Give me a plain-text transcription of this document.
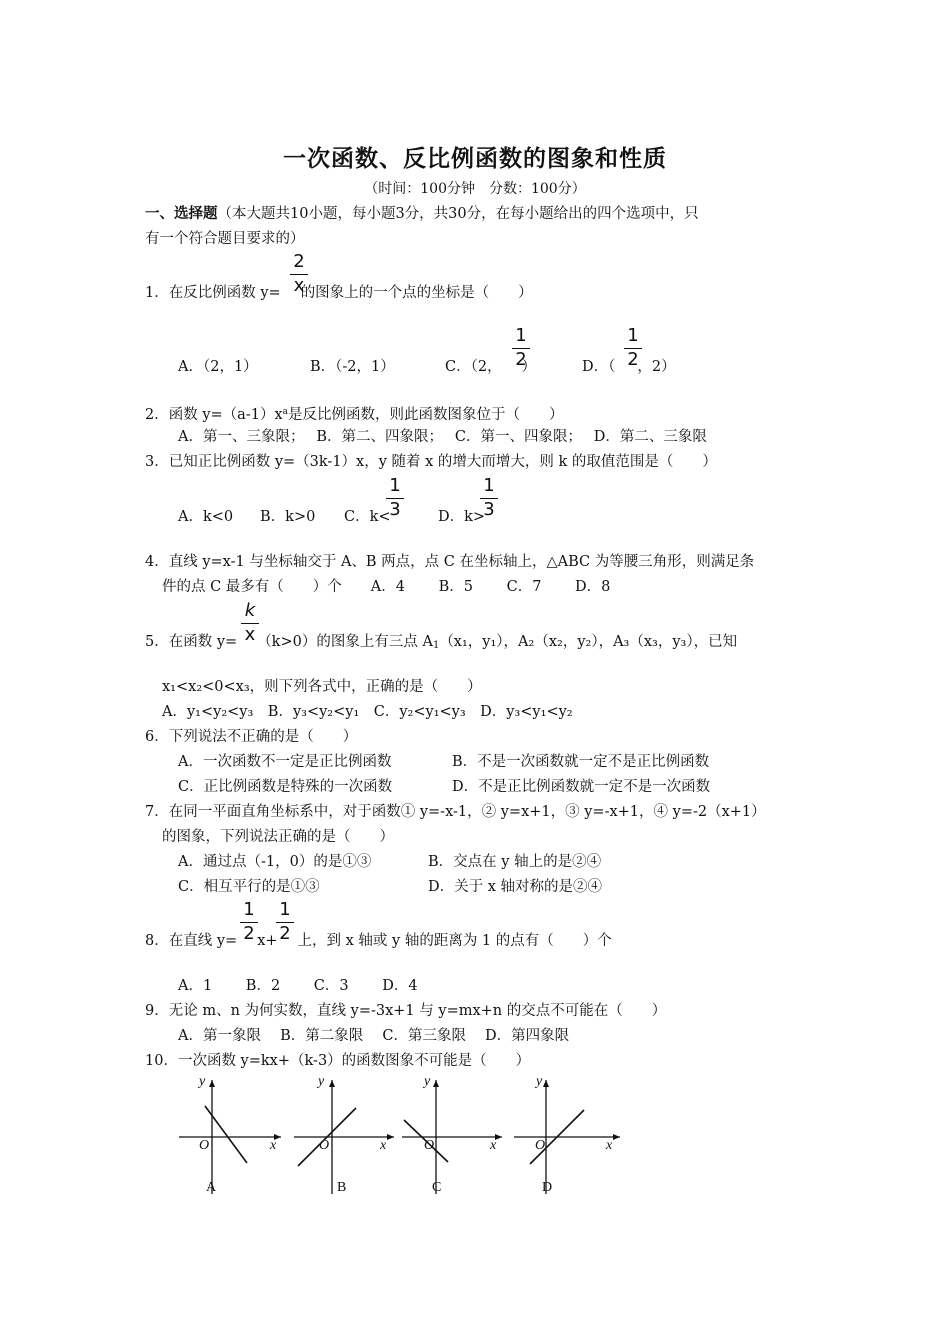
一次函数、反比例函数的图象和性质
（时间：100分钟　分数：100分）
一、选择题（本大题共10小题，每小题3分，共30分，在每小题给出的四个选项中，只
有一个符合题目要求的）
1．在反比例函数 y= 的图象上的一个点的坐标是（　　）
$\frac{2}{x}$
A．（2，1）	B．（-2，1）	C．（2， ）
$\frac{1}{2}$	D．（ ，2）
$\frac{1}{2}$
2．函数 $y=(a-1)x^a$是反比例函数，则此函数图象位于（　　）
A．第一、三象限；　 B．第二、四象限；　 C．第一、四象限；　 D．第二、三象限
3．已知正比例函数 y=（3k-1）x，y 随着 x 的增大而增大，则 k 的取值范围是（　　）
A．k<0 B．k>0 C．k<
$\frac{1}{3}$ D．k>
$\frac{1}{3}$
4．直线 y=x-1 与坐标轴交于 A、B 两点，点 C 在坐标轴上，△ABC 为等腰三角形，则满足条
件的点 C 最多有（　　）个　　A．4　　 B．5　　 C．7　　 D．8
5．在函数 y= （k>0）的图象上有三点 $A_1(x_1$，y₁），A₂（x₂，y₂），A₃（x₃，y₃），已知
$\frac{k}{x}$
x₁<x₂<0<x₃，则下列各式中，正确的是（　　）
A．y₁<y₂<y₃　B．y₃<y₂<y₁　C．y₂<y₁<y₃　D．y₃<y₁<y₂
6．下列说法不正确的是（　　）
A．一次函数不一定是正比例函数	B．不是一次函数就一定不是正比例函数
C．正比例函数是特殊的一次函数	D．不是正比例函数就一定不是一次函数
7．在同一平面直角坐标系中，对于函数① y=-x-1，② y=x+1，③ y=-x+1，④ y=-2（x+1）
的图象，下列说法正确的是（　　）
A．通过点（-1，0）的是①③	B．交点在 y 轴上的是②④
C．相互平行的是①③	D．关于 x 轴对称的是②④
8．在直线 y= x+ 上，到 x 轴或 y 轴的距离为 1 的点有（　　）个
$\frac{1}{2} \frac{1}{2}$
A．1　　 B．2　　 C．3　　 D．4
9．无论 m、n 为何实数，直线 y=-3x+1 与 y=mx+n 的交点不可能在（　　）
A．第一象限　 B．第二象限　 C．第三象限　 D．第四象限
10．一次函数 y=kx+（k-3）的函数图象不可能是（　　）
y
x
O
A
y
x
O
B
y
x
O
C
y
x
O
D
